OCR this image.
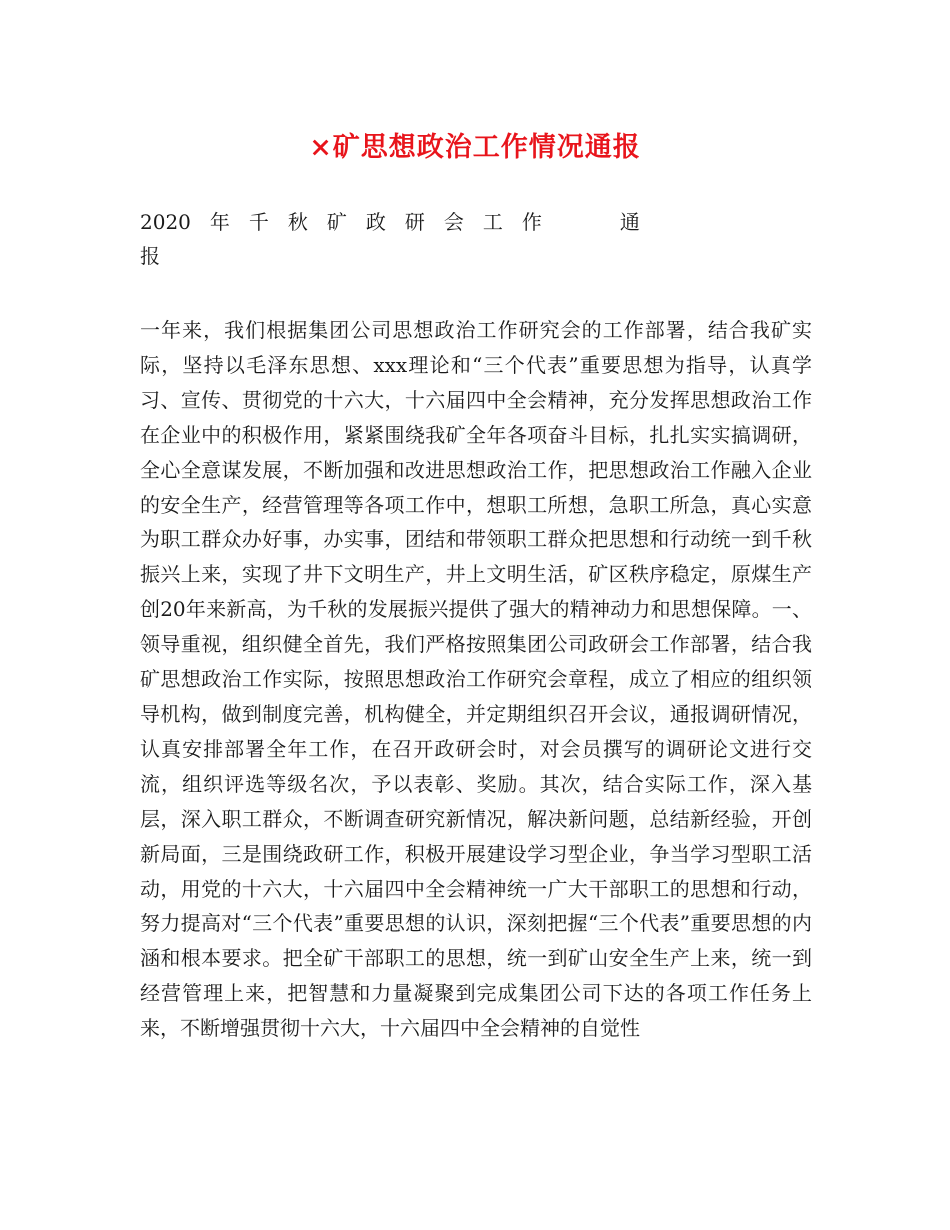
×矿思想政治工作情况通报
2020 年 千 秋 矿 政 研 会 工 作	通
报
一年来，我们根据集团公司思想政治工作研究会的工作部署，结合我矿实际，坚持以毛泽东思想、xxx理论和“三个代表”重要思想为指导，认真学习、宣传、贯彻党的十六大，十六届四中全会精神，充分发挥思想政治工作在企业中的积极作用，紧紧围绕我矿全年各项奋斗目标，扎扎实实搞调研，全心全意谋发展，不断加强和改进思想政治工作，把思想政治工作融入企业的安全生产，经营管理等各项工作中，想职工所想，急职工所急，真心实意为职工群众办好事，办实事，团结和带领职工群众把思想和行动统一到千秋振兴上来，实现了井下文明生产，井上文明生活，矿区秩序稳定，原煤生产创20年来新高，为千秋的发展振兴提供了强大的精神动力和思想保障。一、领导重视，组织健全首先，我们严格按照集团公司政研会工作部署，结合我矿思想政治工作实际，按照思想政治工作研究会章程，成立了相应的组织领导机构，做到制度完善，机构健全，并定期组织召开会议，通报调研情况，认真安排部署全年工作，在召开政研会时，对会员撰写的调研论文进行交流，组织评选等级名次，予以表彰、奖励。其次，结合实际工作，深入基层，深入职工群众，不断调查研究新情况，解决新问题，总结新经验，开创新局面，三是围绕政研工作，积极开展建设学习型企业，争当学习型职工活动，用党的十六大，十六届四中全会精神统一广大干部职工的思想和行动，努力提高对“三个代表”重要思想的认识，深刻把握“三个代表”重要思想的内涵和根本要求。把全矿干部职工的思想，统一到矿山安全生产上来，统一到经营管理上来，把智慧和力量凝聚到完成集团公司下达的各项工作任务上来，不断增强贯彻十六大，十六届四中全会精神的自觉性
